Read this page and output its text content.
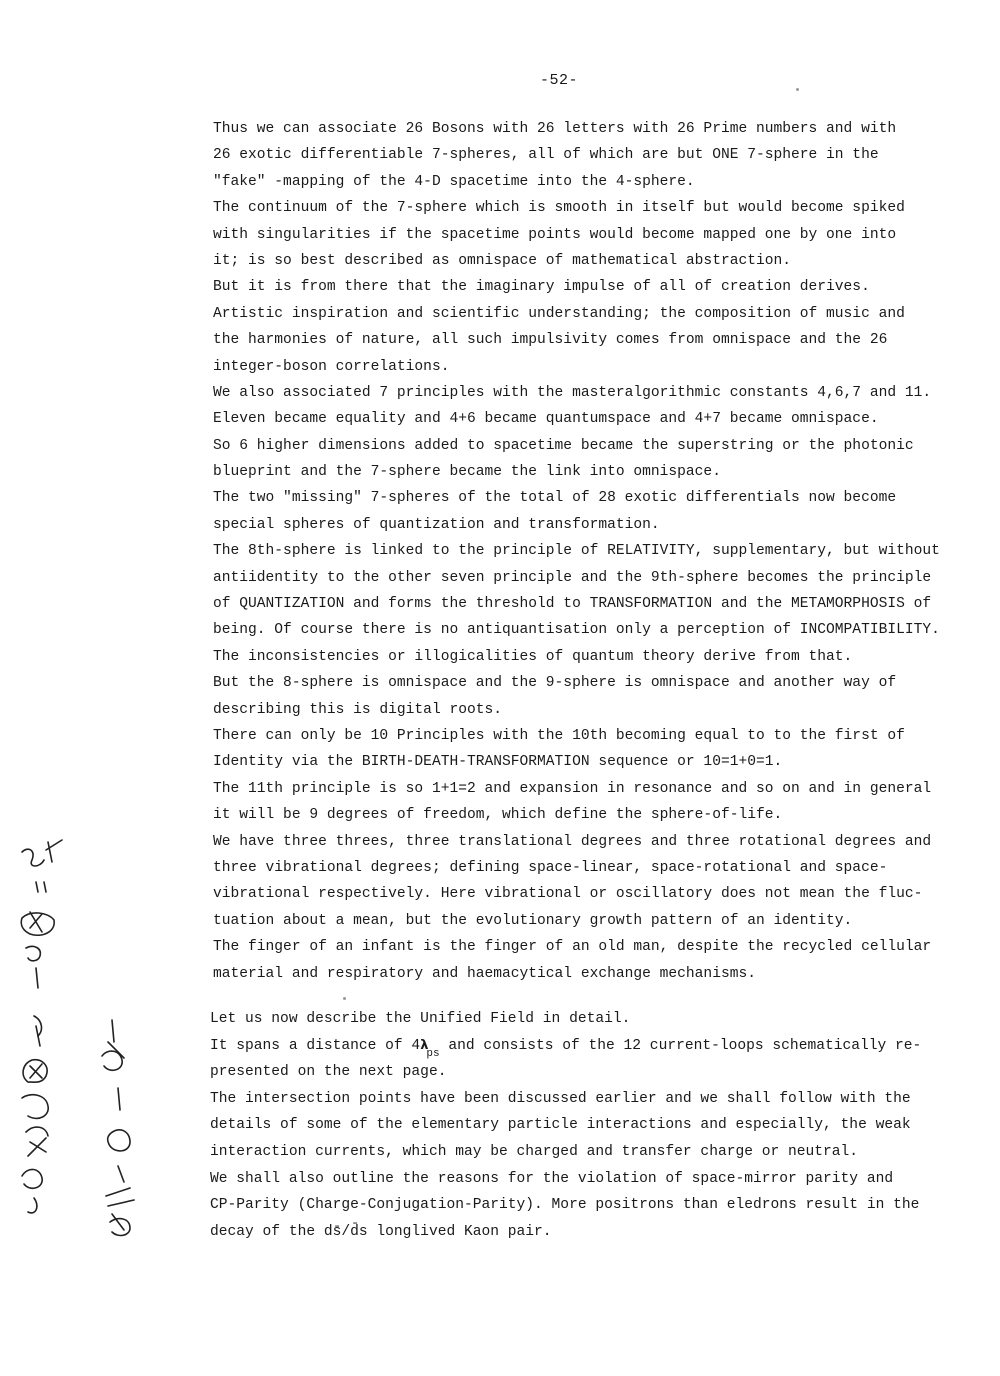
-52-
Thus we can associate 26 Bosons with 26 letters with 26 Prime numbers and with
26 exotic differentiable 7-spheres, all of which are but ONE 7-sphere in the
"fake" -mapping of the 4-D spacetime into the 4-sphere.
The continuum of the 7-sphere which is smooth in itself but would become spiked
with singularities if the spacetime points would become mapped one by one into
it; is so best described as omnispace of mathematical abstraction.
But it is from there that the imaginary impulse of all of creation derives.
Artistic inspiration and scientific understanding; the composition of music and
the harmonies of nature, all such impulsivity comes from omnispace and the 26
integer-boson correlations.
We also associated 7 principles with the masteralgorithmic constants 4,6,7 and 11.
Eleven became equality and 4+6 became quantumspace and 4+7 became omnispace.
So 6 higher dimensions added to spacetime became the superstring or the photonic
blueprint and the 7-sphere became the link into omnispace.
The two "missing" 7-spheres of the total of 28 exotic differentials now become
special spheres of quantization and transformation.
The 8th-sphere is linked to the principle of RELATIVITY, supplementary, but without
antiidentity to the other seven principle and the 9th-sphere becomes the principle
of QUANTIZATION and forms the threshold to TRANSFORMATION and the METAMORPHOSIS of
being. Of course there is no antiquantisation only a perception of INCOMPATIBILITY.
The inconsistencies or illogicalities of quantum theory derive from that.
But the 8-sphere is omnispace and the 9-sphere is omnispace and another way of
describing this is digital roots.
There can only be 10 Principles with the 10th becoming equal to to the first of
Identity via the BIRTH-DEATH-TRANSFORMATION sequence or 10=1+0=1.
The 11th principle is so 1+1=2 and expansion in resonance and so on and in general
it will be 9 degrees of freedom, which define the sphere-of-life.
We have three threes, three translational degrees and three rotational degrees and
three vibrational degrees; defining space-linear, space-rotational and space-
vibrational respectively. Here vibrational or oscillatory does not mean the fluc-
tuation about a mean, but the evolutionary growth pattern of an identity.
The finger of an infant is the finger of an old man, despite the recycled cellular
material and respiratory and haemacytical exchange mechanisms.
Let us now describe the Unified Field in detail.
It spans a distance of $4\lambda_{ps}$ and consists of the 12 current-loops schematically re-
presented on the next page.
The intersection points have been discussed earlier and we shall follow with the
details of some of the elementary particle interactions and especially, the weak
interaction currents, which may be charged and transfer charge or neutral.
We shall also outline the reasons for the violation of space-mirror parity and
CP-Parity (Charge-Conjugation-Parity). More positrons than eledrons result in the
decay of the ds̄/d̄s longlived Kaon pair.
